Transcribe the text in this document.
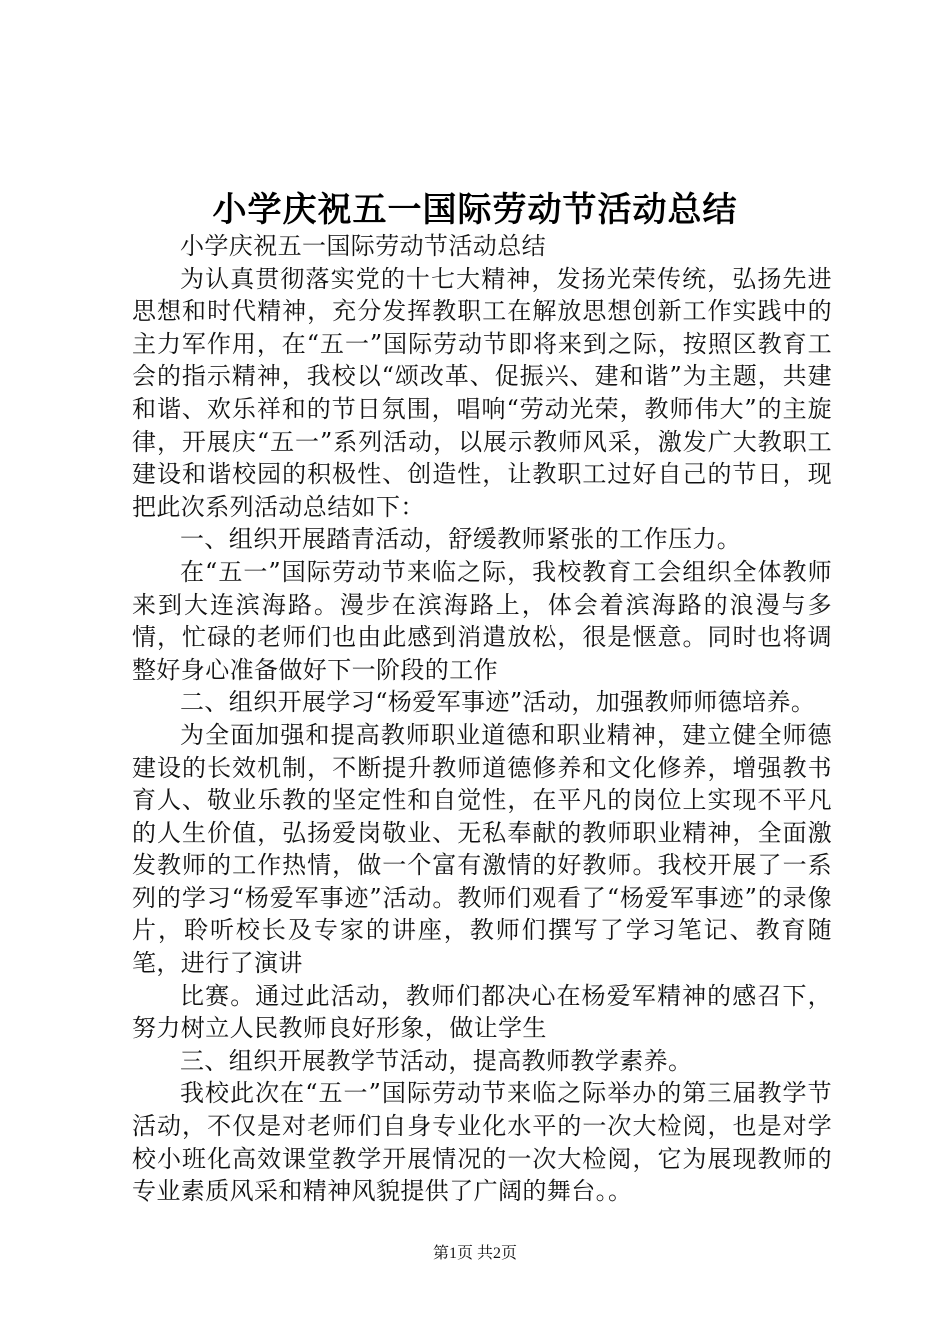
小学庆祝五一国际劳动节活动总结

小学庆祝五一国际劳动节活动总结

为认真贯彻落实党的十七大精神，发扬光荣传统，弘扬先进思想和时代精神，充分发挥教职工在解放思想创新工作实践中的主力军作用，在“五一”国际劳动节即将来到之际，按照区教育工会的指示精神，我校以“颂改革、促振兴、建和谐”为主题，共建和谐、欢乐祥和的节日氛围，唱响“劳动光荣，教师伟大”的主旋律，开展庆“五一”系列活动，以展示教师风采，激发广大教职工建设和谐校园的积极性、创造性，让教职工过好自己的节日，现把此次系列活动总结如下：

一、组织开展踏青活动，舒缓教师紧张的工作压力。

在“五一”国际劳动节来临之际，我校教育工会组织全体教师来到大连滨海路。漫步在滨海路上，体会着滨海路的浪漫与多情，忙碌的老师们也由此感到消遣放松，很是惬意。同时也将调整好身心准备做好下一阶段的工作

二、组织开展学习“杨爱军事迹”活动，加强教师师德培养。

为全面加强和提高教师职业道德和职业精神，建立健全师德建设的长效机制，不断提升教师道德修养和文化修养，增强教书育人、敬业乐教的坚定性和自觉性，在平凡的岗位上实现不平凡的人生价值，弘扬爱岗敬业、无私奉献的教师职业精神，全面激发教师的工作热情，做一个富有激情的好教师。我校开展了一系列的学习“杨爱军事迹”活动。教师们观看了“杨爱军事迹”的录像片，聆听校长及专家的讲座，教师们撰写了学习笔记、教育随笔，进行了演讲

比赛。通过此活动，教师们都决心在杨爱军精神的感召下，努力树立人民教师良好形象，做让学生

三、组织开展教学节活动，提高教师教学素养。

我校此次在“五一”国际劳动节来临之际举办的第三届教学节活动，不仅是对老师们自身专业化水平的一次大检阅，也是对学校小班化高效课堂教学开展情况的一次大检阅，它为展现教师的专业素质风采和精神风貌提供了广阔的舞台。。

第1页 共2页
